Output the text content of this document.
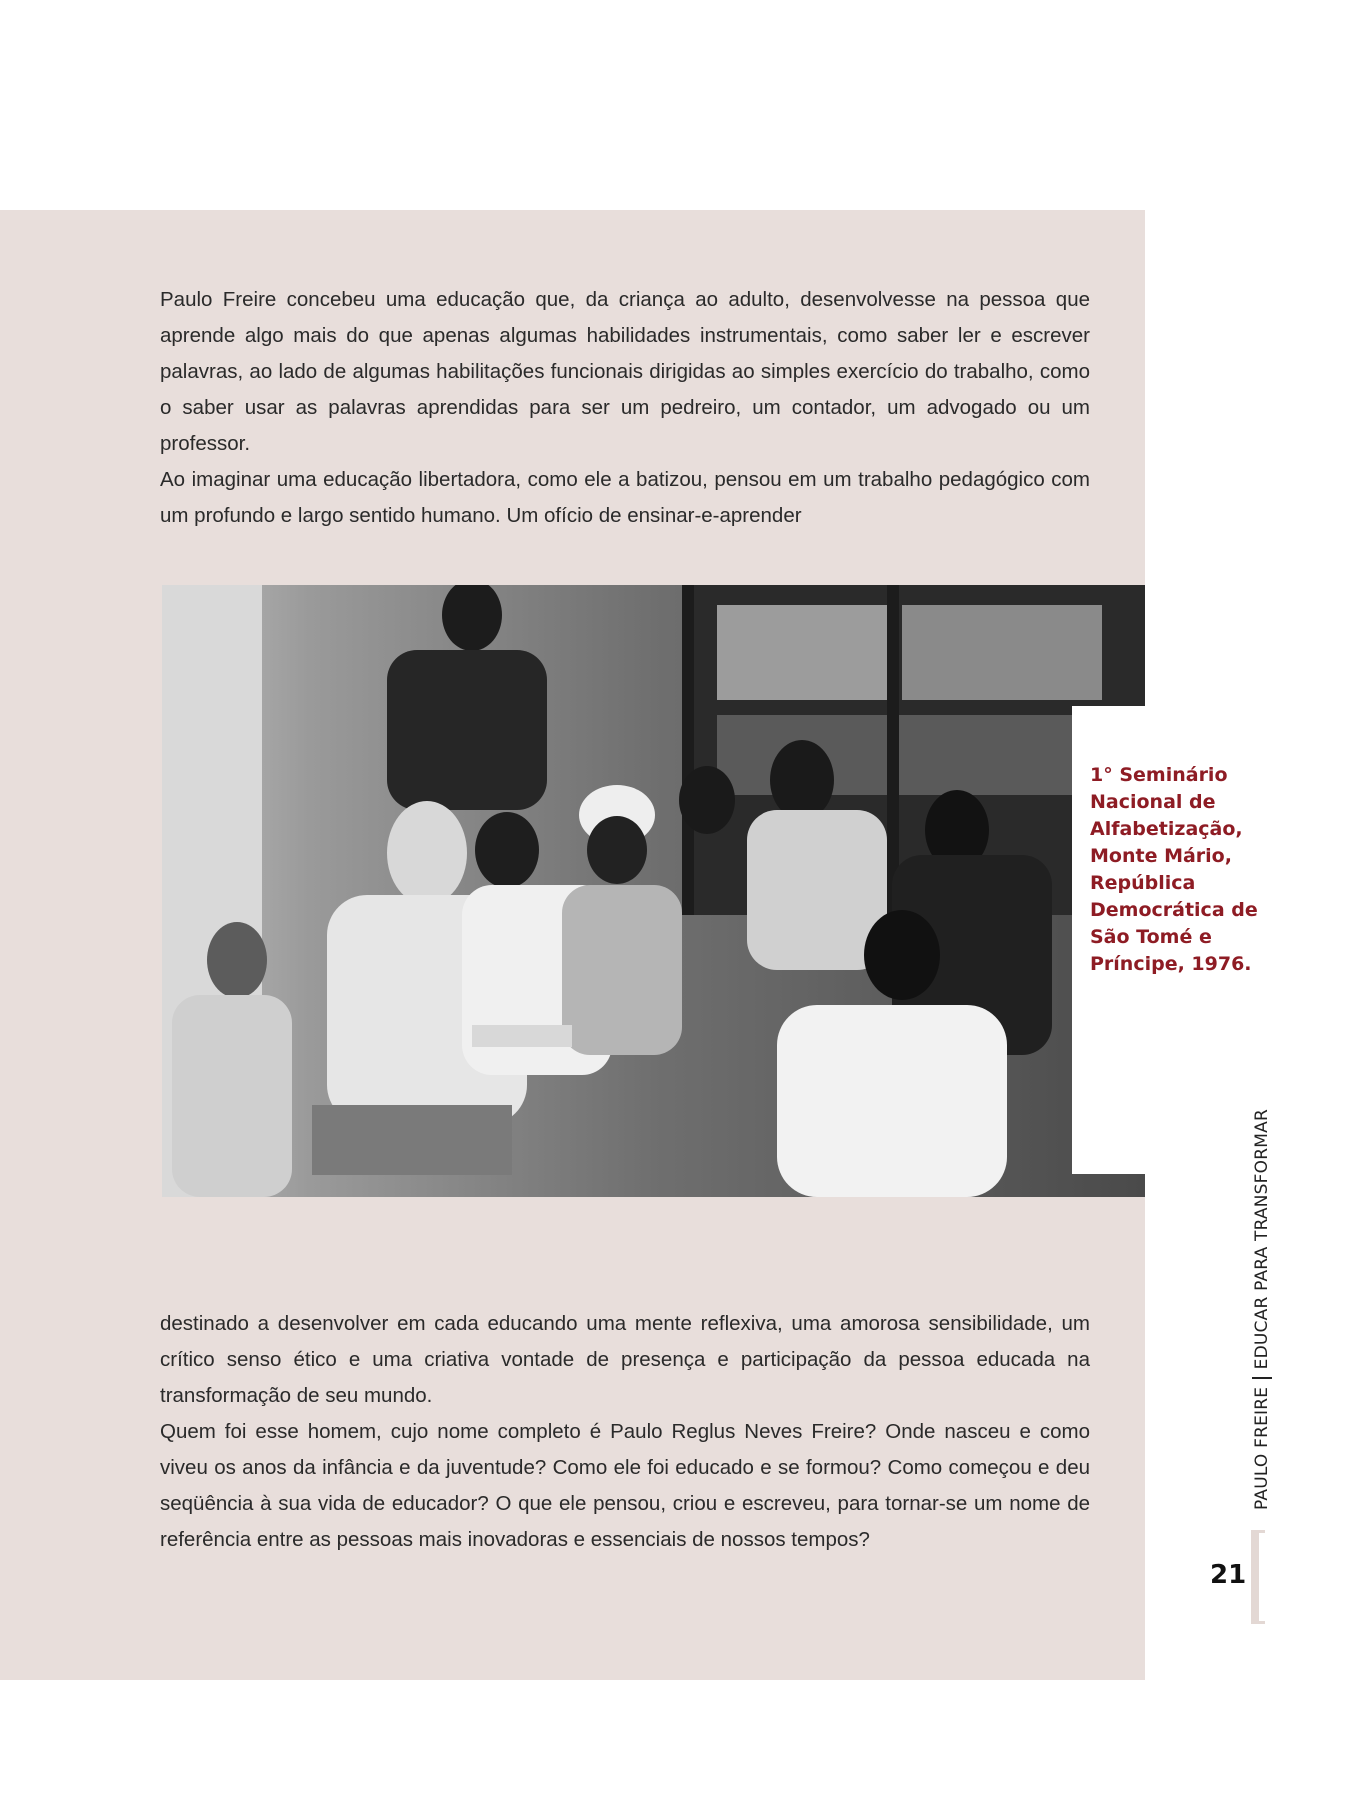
Paulo Freire concebeu uma educação que, da criança ao adulto, desenvolvesse na pessoa que aprende algo mais do que apenas algumas habilidades instrumentais, como saber ler e escrever palavras, ao lado de algumas habilitações funcionais dirigidas ao simples exercício do trabalho, como o saber usar as palavras aprendidas para ser um pedreiro, um contador, um advogado ou um professor.

Ao imaginar uma educação libertadora, como ele a batizou, pensou em um trabalho pedagógico com um profundo e largo sentido humano. Um ofício de ensinar-e-aprender

1° Seminário Nacional de Alfabetização, Monte Mário, República Democrática de São Tomé e Príncipe, 1976.

destinado a desenvolver em cada educando uma mente reflexiva, uma amorosa sensibilidade, um crítico senso ético e uma criativa vontade de presença e participação da pessoa educada na transformação de seu mundo.

Quem foi esse homem, cujo nome completo é Paulo Reglus Neves Freire? Onde nasceu e como viveu os anos da infância e da juventude? Como ele foi educado e se formou? Como começou e deu seqüência à sua vida de educador? O que ele pensou, criou e escreveu, para tornar-se um nome de referência entre as pessoas mais inovadoras e essenciais de nossos tempos?

PAULO FREIRE
EDUCAR PARA TRANSFORMAR
21
